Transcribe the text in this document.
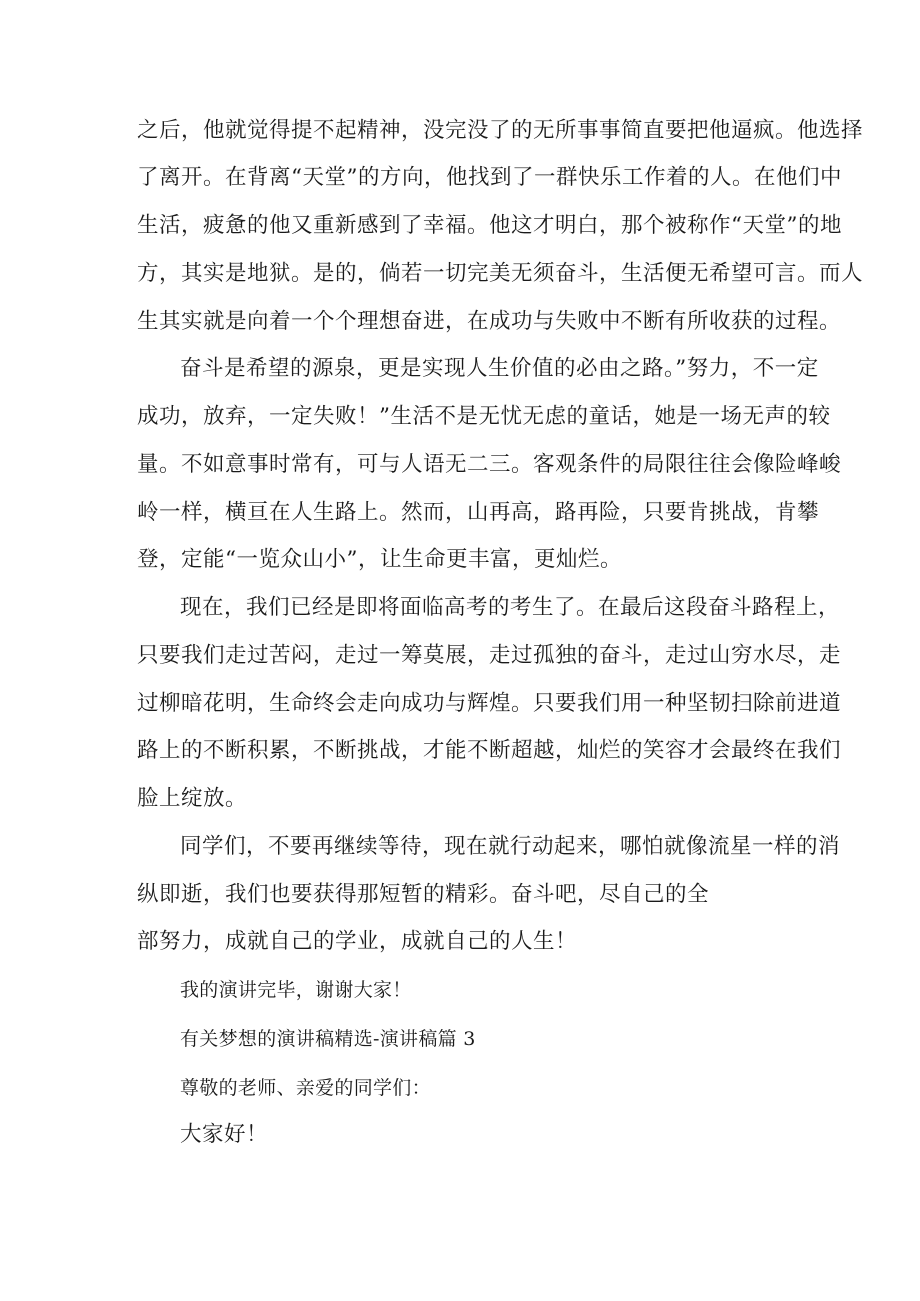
之后，他就觉得提不起精神，没完没了的无所事事简直要把他逼疯。他选择
了离开。在背离“天堂”的方向，他找到了一群快乐工作着的人。在他们中
生活，疲惫的他又重新感到了幸福。他这才明白，那个被称作“天堂”的地
方，其实是地狱。是的，倘若一切完美无须奋斗，生活便无希望可言。而人
生其实就是向着一个个理想奋进，在成功与失败中不断有所收获的过程。
奋斗是希望的源泉，更是实现人生价值的必由之路。”努力，不一定
成功，放弃，一定失败！”生活不是无忧无虑的童话，她是一场无声的较
量。不如意事时常有，可与人语无二三。客观条件的局限往往会像险峰峻
岭一样，横亘在人生路上。然而，山再高，路再险，只要肯挑战，肯攀
登，定能“一览众山小”，让生命更丰富，更灿烂。
现在，我们已经是即将面临高考的考生了。在最后这段奋斗路程上，
只要我们走过苦闷，走过一筹莫展，走过孤独的奋斗，走过山穷水尽，走
过柳暗花明，生命终会走向成功与辉煌。只要我们用一种坚韧扫除前进道
路上的不断积累，不断挑战，才能不断超越，灿烂的笑容才会最终在我们
脸上绽放。
同学们，不要再继续等待，现在就行动起来，哪怕就像流星一样的消
纵即逝，我们也要获得那短暂的精彩。奋斗吧，尽自己的全
部努力，成就自己的学业，成就自己的人生！
我的演讲完毕，谢谢大家！
有关梦想的演讲稿精选-演讲稿篇 3
尊敬的老师、亲爱的同学们：
大家好！
